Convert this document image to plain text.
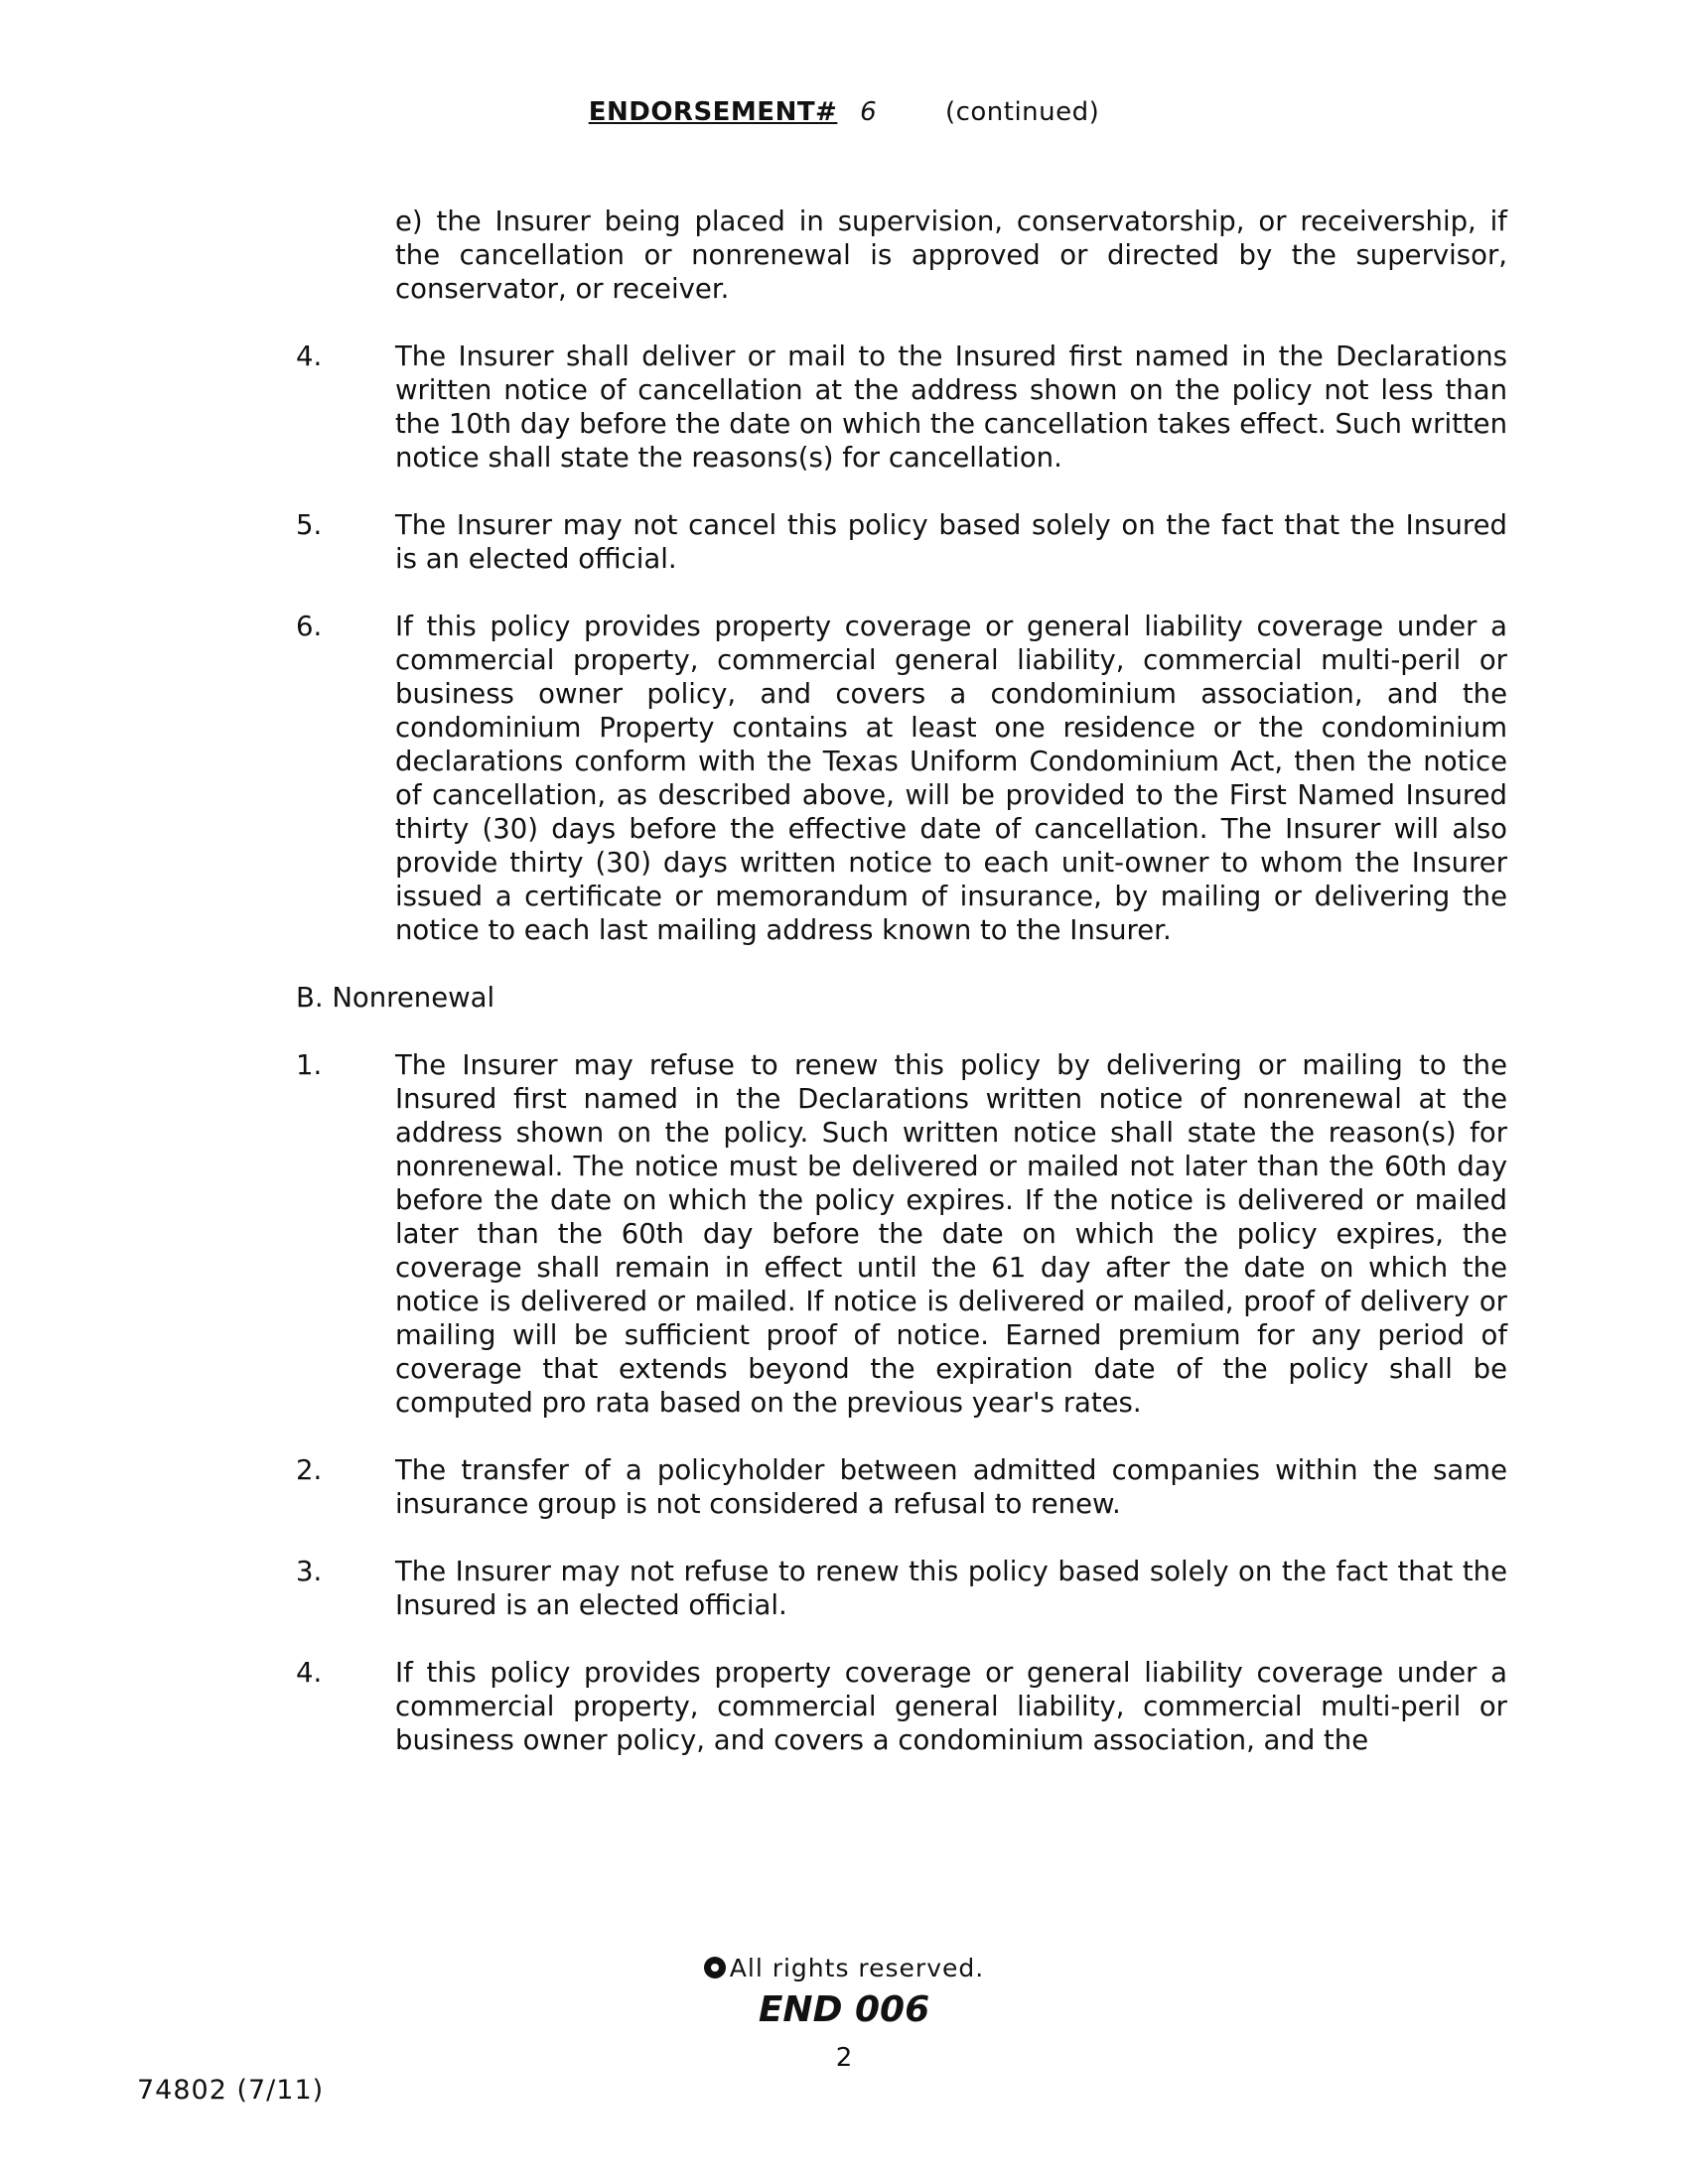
ENDORSEMENT# 6	(continued)
e) the Insurer being placed in supervision, conservatorship, or receivership, if the cancellation or nonrenewal is approved or directed by the supervisor, conservator, or receiver.
4.	The Insurer shall deliver or mail to the Insured first named in the Declarations written notice of cancellation at the address shown on the policy not less than the 10th day before the date on which the cancellation takes effect. Such written notice shall state the reasons(s) for cancellation.
5.	The Insurer may not cancel this policy based solely on the fact that the Insured is an elected official.
6.	If this policy provides property coverage or general liability coverage under a commercial property, commercial general liability, commercial multi-peril or business owner policy, and covers a condominium association, and the condominium Property contains at least one residence or the condominium declarations conform with the Texas Uniform Condominium Act, then the notice of cancellation, as described above, will be provided to the First Named Insured thirty (30) days before the effective date of cancellation. The Insurer will also provide thirty (30) days written notice to each unit-owner to whom the Insurer issued a certificate or memorandum of insurance, by mailing or delivering the notice to each last mailing address known to the Insurer.
B. Nonrenewal
1.	The Insurer may refuse to renew this policy by delivering or mailing to the Insured first named in the Declarations written notice of nonrenewal at the address shown on the policy. Such written notice shall state the reason(s) for nonrenewal. The notice must be delivered or mailed not later than the 60th day before the date on which the policy expires. If the notice is delivered or mailed later than the 60th day before the date on which the policy expires, the coverage shall remain in effect until the 61 day after the date on which the notice is delivered or mailed. If notice is delivered or mailed, proof of delivery or mailing will be sufficient proof of notice. Earned premium for any period of coverage that extends beyond the expiration date of the policy shall be computed pro rata based on the previous year's rates.
2.	The transfer of a policyholder between admitted companies within the same insurance group is not considered a refusal to renew.
3.	The Insurer may not refuse to renew this policy based solely on the fact that the Insured is an elected official.
4.	If this policy provides property coverage or general liability coverage under a commercial property, commercial general liability, commercial multi-peril or business owner policy, and covers a condominium association, and the
All rights reserved.
END 006
2
74802 (7/11)
